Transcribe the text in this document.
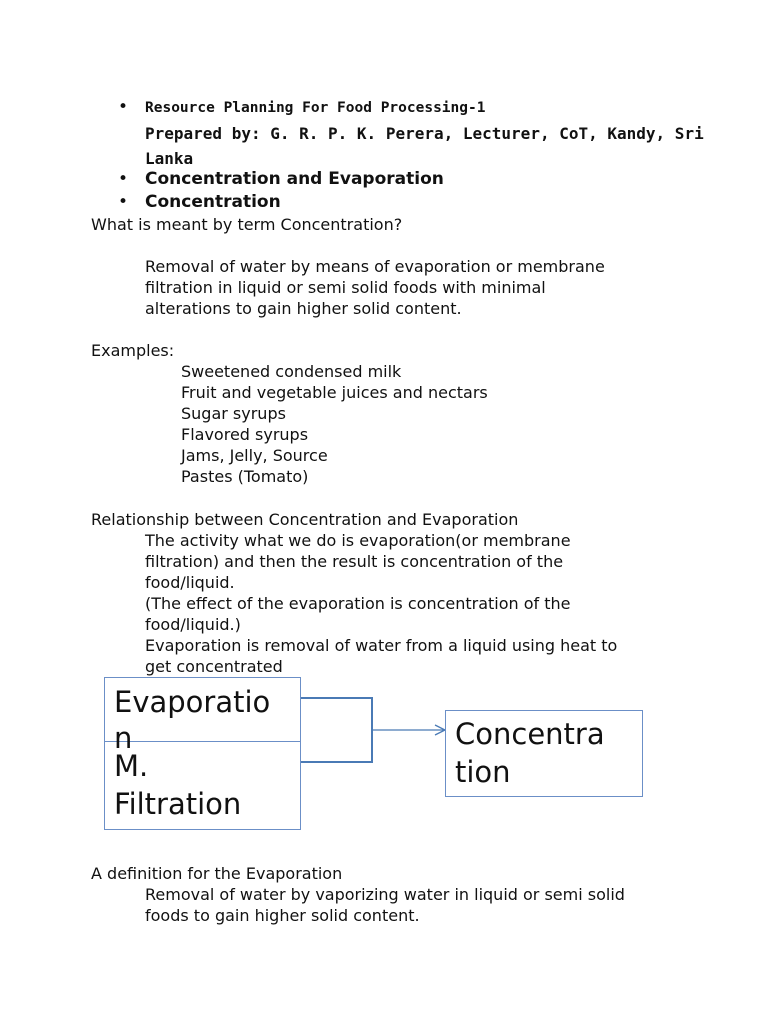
• Resource Planning For Food Processing-1
Prepared by: G. R. P. K. Perera, Lecturer, CoT, Kandy, Sri
Lanka
• Concentration and Evaporation
• Concentration

What is meant by term Concentration?

Removal of water by means of evaporation or membrane

filtration in liquid or semi solid foods with minimal

alterations to gain higher solid content.

Examples:

Sweetened condensed milk

Fruit and vegetable juices and nectars

Sugar syrups

Flavored syrups

Jams, Jelly, Source

Pastes (Tomato)

Relationship between Concentration and Evaporation

The activity what we do is evaporation(or membrane

filtration) and then the result is concentration of the

food/liquid.

(The effect of the evaporation is concentration of the

food/liquid.)

Evaporation is removal of water from a liquid using heat to

get concentrated

Evaporatio
n
M.
Filtration
Concentra
tion

A definition for the Evaporation

Removal of water by vaporizing water in liquid or semi solid

foods to gain higher solid content.
